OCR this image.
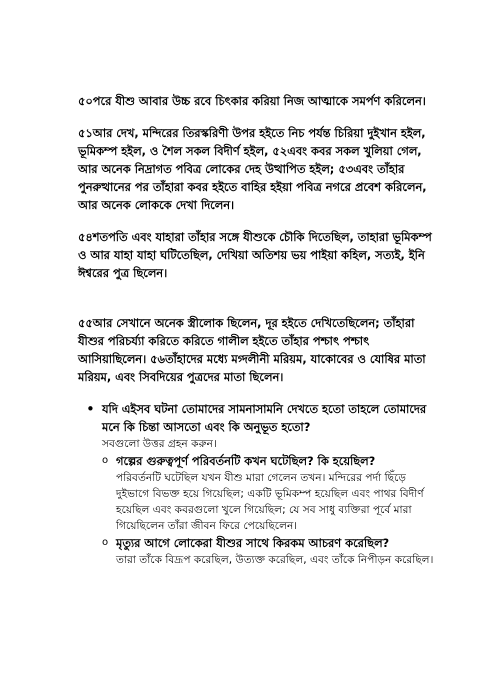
৫০পরে যীশু আবার উচ্চ রবে চিৎকার করিয়া নিজ আত্মাকে সমর্পণ করিলেন।

৫১আর দেখ, মন্দিরের তিরস্করিণী উপর হইতে নিচ পর্যন্ত চিরিয়া দুইখান হইল, ভূমিকম্প হইল, ও শৈল সকল বিদীর্ণ হইল, ৫২এবং কবর সকল খুলিয়া গেল, আর অনেক নিদ্রাগত পবিত্র লোকের দেহ উত্থাপিত হইল; ৫৩এবং তাঁহার পুনরুত্থানের পর তাঁহারা কবর হইতে বাহির হইয়া পবিত্র নগরে প্রবেশ করিলেন, আর অনেক লোককে দেখা দিলেন।

৫৪শতপতি এবং যাহারা তাঁহার সঙ্গে যীশুকে চৌকি দিতেছিল, তাহারা ভূমিকম্প ও আর যাহা যাহা ঘটিতেছিল, দেখিয়া অতিশয় ভয় পাইয়া কহিল, সত্যই, ইনি ঈশ্বরের পুত্র ছিলেন।

৫৫আর সেখানে অনেক স্ত্রীলোক ছিলেন, দূর হইতে দেখিতেছিলেন; তাঁহারা যীশুর পরিচর্য্যা করিতে করিতে গালীল হইতে তাঁহার পশ্চাৎ পশ্চাৎ আসিয়াছিলেন। ৫৬তাঁহাদের মধ্যে মগ্দলীনী মরিয়ম, যাকোবের ও যোষির মাতা মরিয়ম, এবং সিবদিয়ের পুত্রদের মাতা ছিলেন।

• যদি এইসব ঘটনা তোমাদের সামনাসামনি দেখতে হতো তাহলে তোমাদের মনে কি চিন্তা আসতো এবং কি অনুভূত হতো?
সবগুলো উত্তর গ্রহন করুন।
o গল্পের গুরুত্বপূর্ণ পরিবর্তনটি কখন ঘটেছিল? কি হয়েছিল?
পরিবর্তনটি ঘটেছিল যখন যীশু মারা গেলেন তখন। মন্দিরের পর্দা ছিঁড়ে দুইভাগে বিভক্ত হয়ে গিয়েছিল; একটি ভূমিকম্প হয়েছিল এবং পাথর বিদীর্ণ হয়েছিল এবং কবরগুলো খুলে গিয়েছিল; যে সব সাধু ব্যক্তিরা পূর্বে মারা গিয়েছিলেন তাঁরা জীবন ফিরে পেয়েছিলেন।
o মৃত্যুর আগে লোকেরা যীশুর সাথে কিরকম আচরণ করেছিল?
তারা তাঁকে বিদ্রূপ করেছিল, উত্যক্ত করেছিল, এবং তাঁকে নিপীড়ন করেছিল।
